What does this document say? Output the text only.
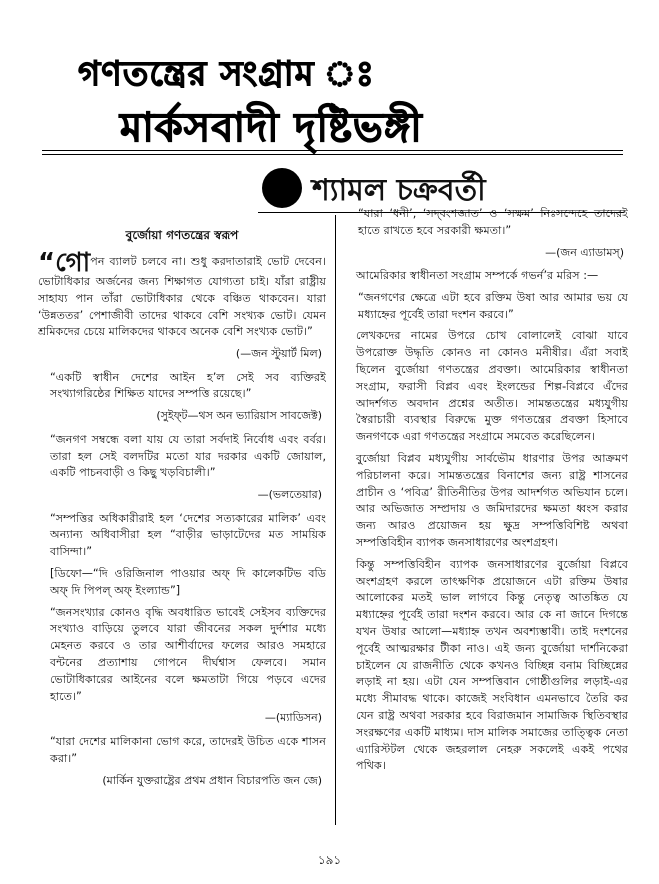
গণতন্ত্রের সংগ্রাম ঃ
মার্কসবাদী দৃষ্টিভঙ্গী
শ্যামল চক্রবর্তী
বুর্জোয়া গণতন্ত্রের স্বরূপ

“গোপন ব্যালট চলবে না। শুধু করদাতারাই ভোট দেবেন। ভোটাধিকার অর্জনের জন্য শিক্ষাগত যোগ্যতা চাই। যাঁরা রাষ্ট্রীয় সাহায্য পান তাঁরা ভোটাধিকার থেকে বঞ্চিত থাকবেন। যারা ‘উন্নততর’ পেশাজীবী তাদের থাকবে বেশি সংখ্যক ভোট। যেমন শ্রমিকদের চেয়ে মালিকদের থাকবে অনেক বেশি সংখ্যক ভোট।”

(—জন স্টুয়ার্ট মিল)

“একটি স্বাধীন দেশের আইন হ’ল সেই সব ব্যক্তিরই সংখ্যাগরিষ্ঠের শিক্ষিত যাদের সম্পত্তি রয়েছে।”

(সুইফ্‌ট—থস অন ভ্যারিয়াস সাবজেক্ট)

“জনগণ সম্বন্ধে বলা যায় যে তারা সর্বদাই নির্বোধ এবং বর্বর। তারা হল সেই বলদটির মতো যার দরকার একটি জোয়াল, একটি পাচনবাড়ী ও কিছু খড়বিচালী।”

—(ভলতেয়ার)

“সম্পত্তির অধিকারীরাই হল ‘দেশের সত্যকারের মালিক’ এবং অন্যান্য অধিবাসীরা হল “বাড়ীর ভাড়াটেদের মত সাময়িক বাসিন্দা।”

[ডিফো—“দি ওরিজিনাল পাওয়ার অফ্‌ দি কালেকটিভ বডি অফ্‌ দি পিপল্‌ অফ্‌ ইংল্যান্ড”]

“জনসংখ্যার কোনও বৃদ্ধি অবধারিত ভাবেই সেইসব ব্যক্তিদের সংখ্যাও বাড়িয়ে তুলবে যারা জীবনের সকল দুর্দশার মধ্যে মেহনত করবে ও তার আশীর্বাদের ফলের আরও সমহারে বন্টনের প্রত্যাশায় গোপনে দীর্ঘশ্বাস ফেলবে। সমান ভোটাধিকারের আইনের বলে ক্ষমতাটা গিয়ে পড়বে এদের হাতে।”

—(ম্যাডিসন)

“যারা দেশের মালিকানা ভোগ করে, তাদেরই উচিত একে শাসন করা।”

(মার্কিন যুক্তরাষ্ট্রের প্রথম প্রধান বিচারপতি জন জে)

“যারা ‘ধনী’, ‘সদ্‌বংশজাত’ ও ‘সক্ষম’ নিঃসন্দেহে তাদেরই হাতে রাখতে হবে সরকারী ক্ষমতা।”

—(জন এ্যাডামস্‌)

আমেরিকার স্বাধীনতা সংগ্রাম সম্পর্কে গভর্ন’র মরিস :—

“জনগণের ক্ষেত্রে এটা হবে রক্তিম উষা আর আমার ভয় যে মধ্যাহ্নের পূর্বেই তারা দংশন করবে।”

লেখকদের নামের উপরে চোখ বোলালেই বোঝা যাবে উপরোক্ত উদ্ধৃতি কোনও না কোনও মনীষীর। এঁরা সবাই ছিলেন বুর্জোয়া গণতন্ত্রের প্রবক্তা। আমেরিকার স্বাধীনতা সংগ্রাম, ফরাসী বিপ্লব এবং ইংলন্ডের শিল্প-বিপ্লবে এঁদের আদর্শগত অবদান প্রশ্নের অতীত। সামন্ততন্ত্রের মধ্যযুগীয় স্বৈরাচারী ব্যবস্থার বিরুদ্ধে মুক্ত গণতন্ত্রের প্রবক্তা হিসাবে জনগণকে এরা গণতন্ত্রের সংগ্রামে সমবেত করেছিলেন।

বুর্জোয়া বিপ্লব মধ্যযুগীয় সার্বভৌম ধারণার উপর আক্রমণ পরিচালনা করে। সামন্ততন্ত্রের বিনাশের জন্য রাষ্ট্র শাসনের প্রাচীন ও ‘পবিত্র’ রীতিনীতির উপর আদর্শগত অভিযান চলে। আর অভিজাত সম্প্রদায় ও জমিদারদের ক্ষমতা ধ্বংস করার জন্য আরও প্রয়োজন হয় ক্ষুদ্র সম্পত্তিবিশিষ্ট অথবা সম্পত্তিবিহীন ব্যাপক জনসাধারণের অংশগ্রহণ।

কিন্তু সম্পত্তিবিহীন ব্যাপক জনসাধারণের বুর্জোয়া বিপ্লবে অংশগ্রহণ করলে তাৎক্ষণিক প্রয়োজনে এটা রক্তিম উষার আলোকের মতই ভাল লাগবে কিন্তু নেতৃত্ব আতঙ্কিত যে মধ্যাহ্নের পূর্বেই তারা দংশন করবে। আর কে না জানে দিগন্তে যখন উষার আলো—মধ্যাহ্ন তখন অবশ্যম্ভাবী। তাই দংশনের পূর্বেই আত্মরক্ষার টীকা নাও। এই জন্য বুর্জোয়া দার্শনিকেরা চাইলেন যে রাজনীতি থেকে কখনও বিচ্ছিন্ন বনাম বিচ্ছিন্নের লড়াই না হয়। এটা যেন সম্পত্তিবান গোষ্ঠীগুলির লড়াই-এর মধ্যে সীমাবদ্ধ থাকে। কাজেই সংবিধান এমনভাবে তৈরি কর যেন রাষ্ট্র অথবা সরকার হবে বিরাজমান সামাজিক স্থিতিবস্থার সংরক্ষণের একটি মাধ্যম। দাস মালিক সমাজের তাত্ত্বিক নেতা এ্যারিস্টটল থেকে জহরলাল নেহরু সকলেই একই পথের পথিক।

১৯১
